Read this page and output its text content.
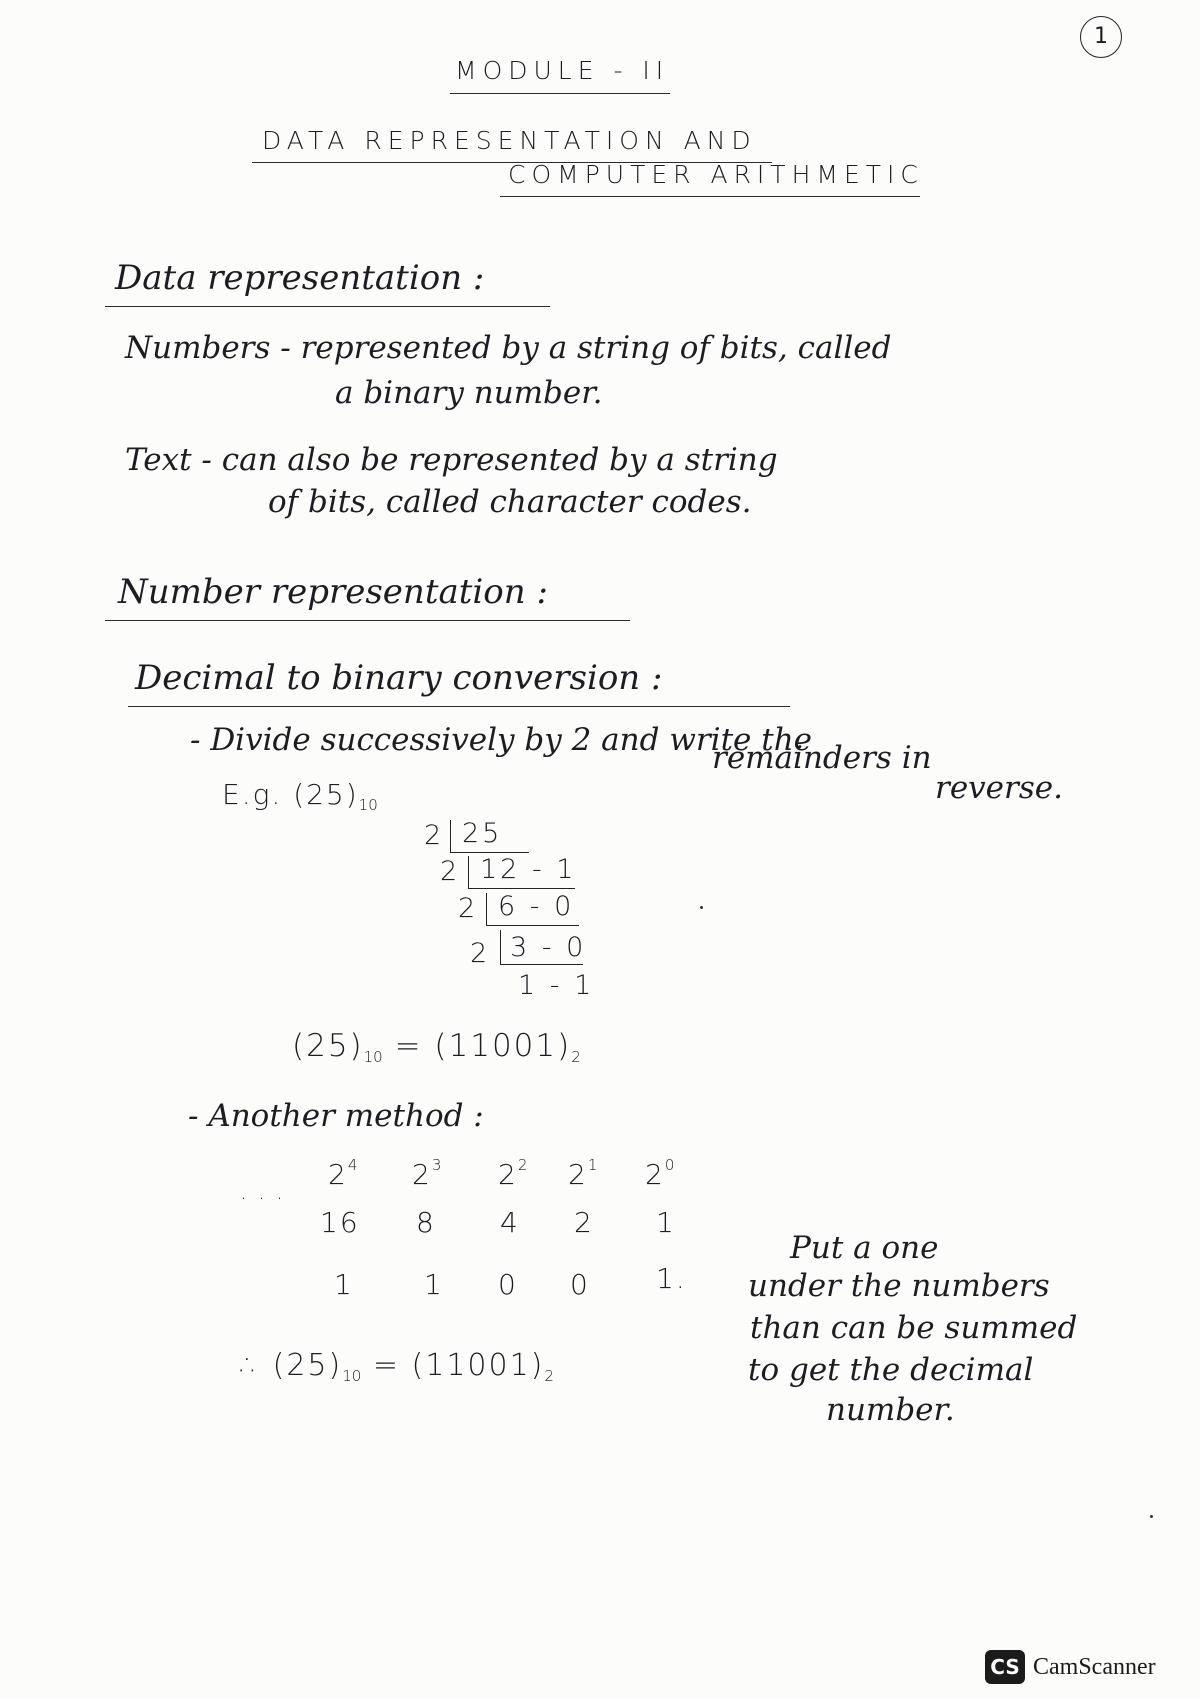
1
MODULE - II
DATA REPRESENTATION AND
COMPUTER ARITHMETIC
Data representation :
Numbers - represented by a string of bits, called
a binary number.
Text - can also be represented by a string
of bits, called character codes.
Number representation :
Decimal to binary conversion :
- Divide successively by 2 and write the
remainders in
reverse.
E.g. $(25)_{10}$
2 25
2 12 - 1
2 6 - 0
2 3 - 0
1 - 1
$(25)_{10} = (11001)_2$
- Another method :
. . .
$2^4$ $2^3$ $2^2$ $2^1$ $2^0$
16 8 4 2 1
1	1 0 0 1.
∴ $(25)_{10} = (11001)_2$
Put a one
under the numbers
than can be summed
to get the decimal
number.
CS CamScanner
